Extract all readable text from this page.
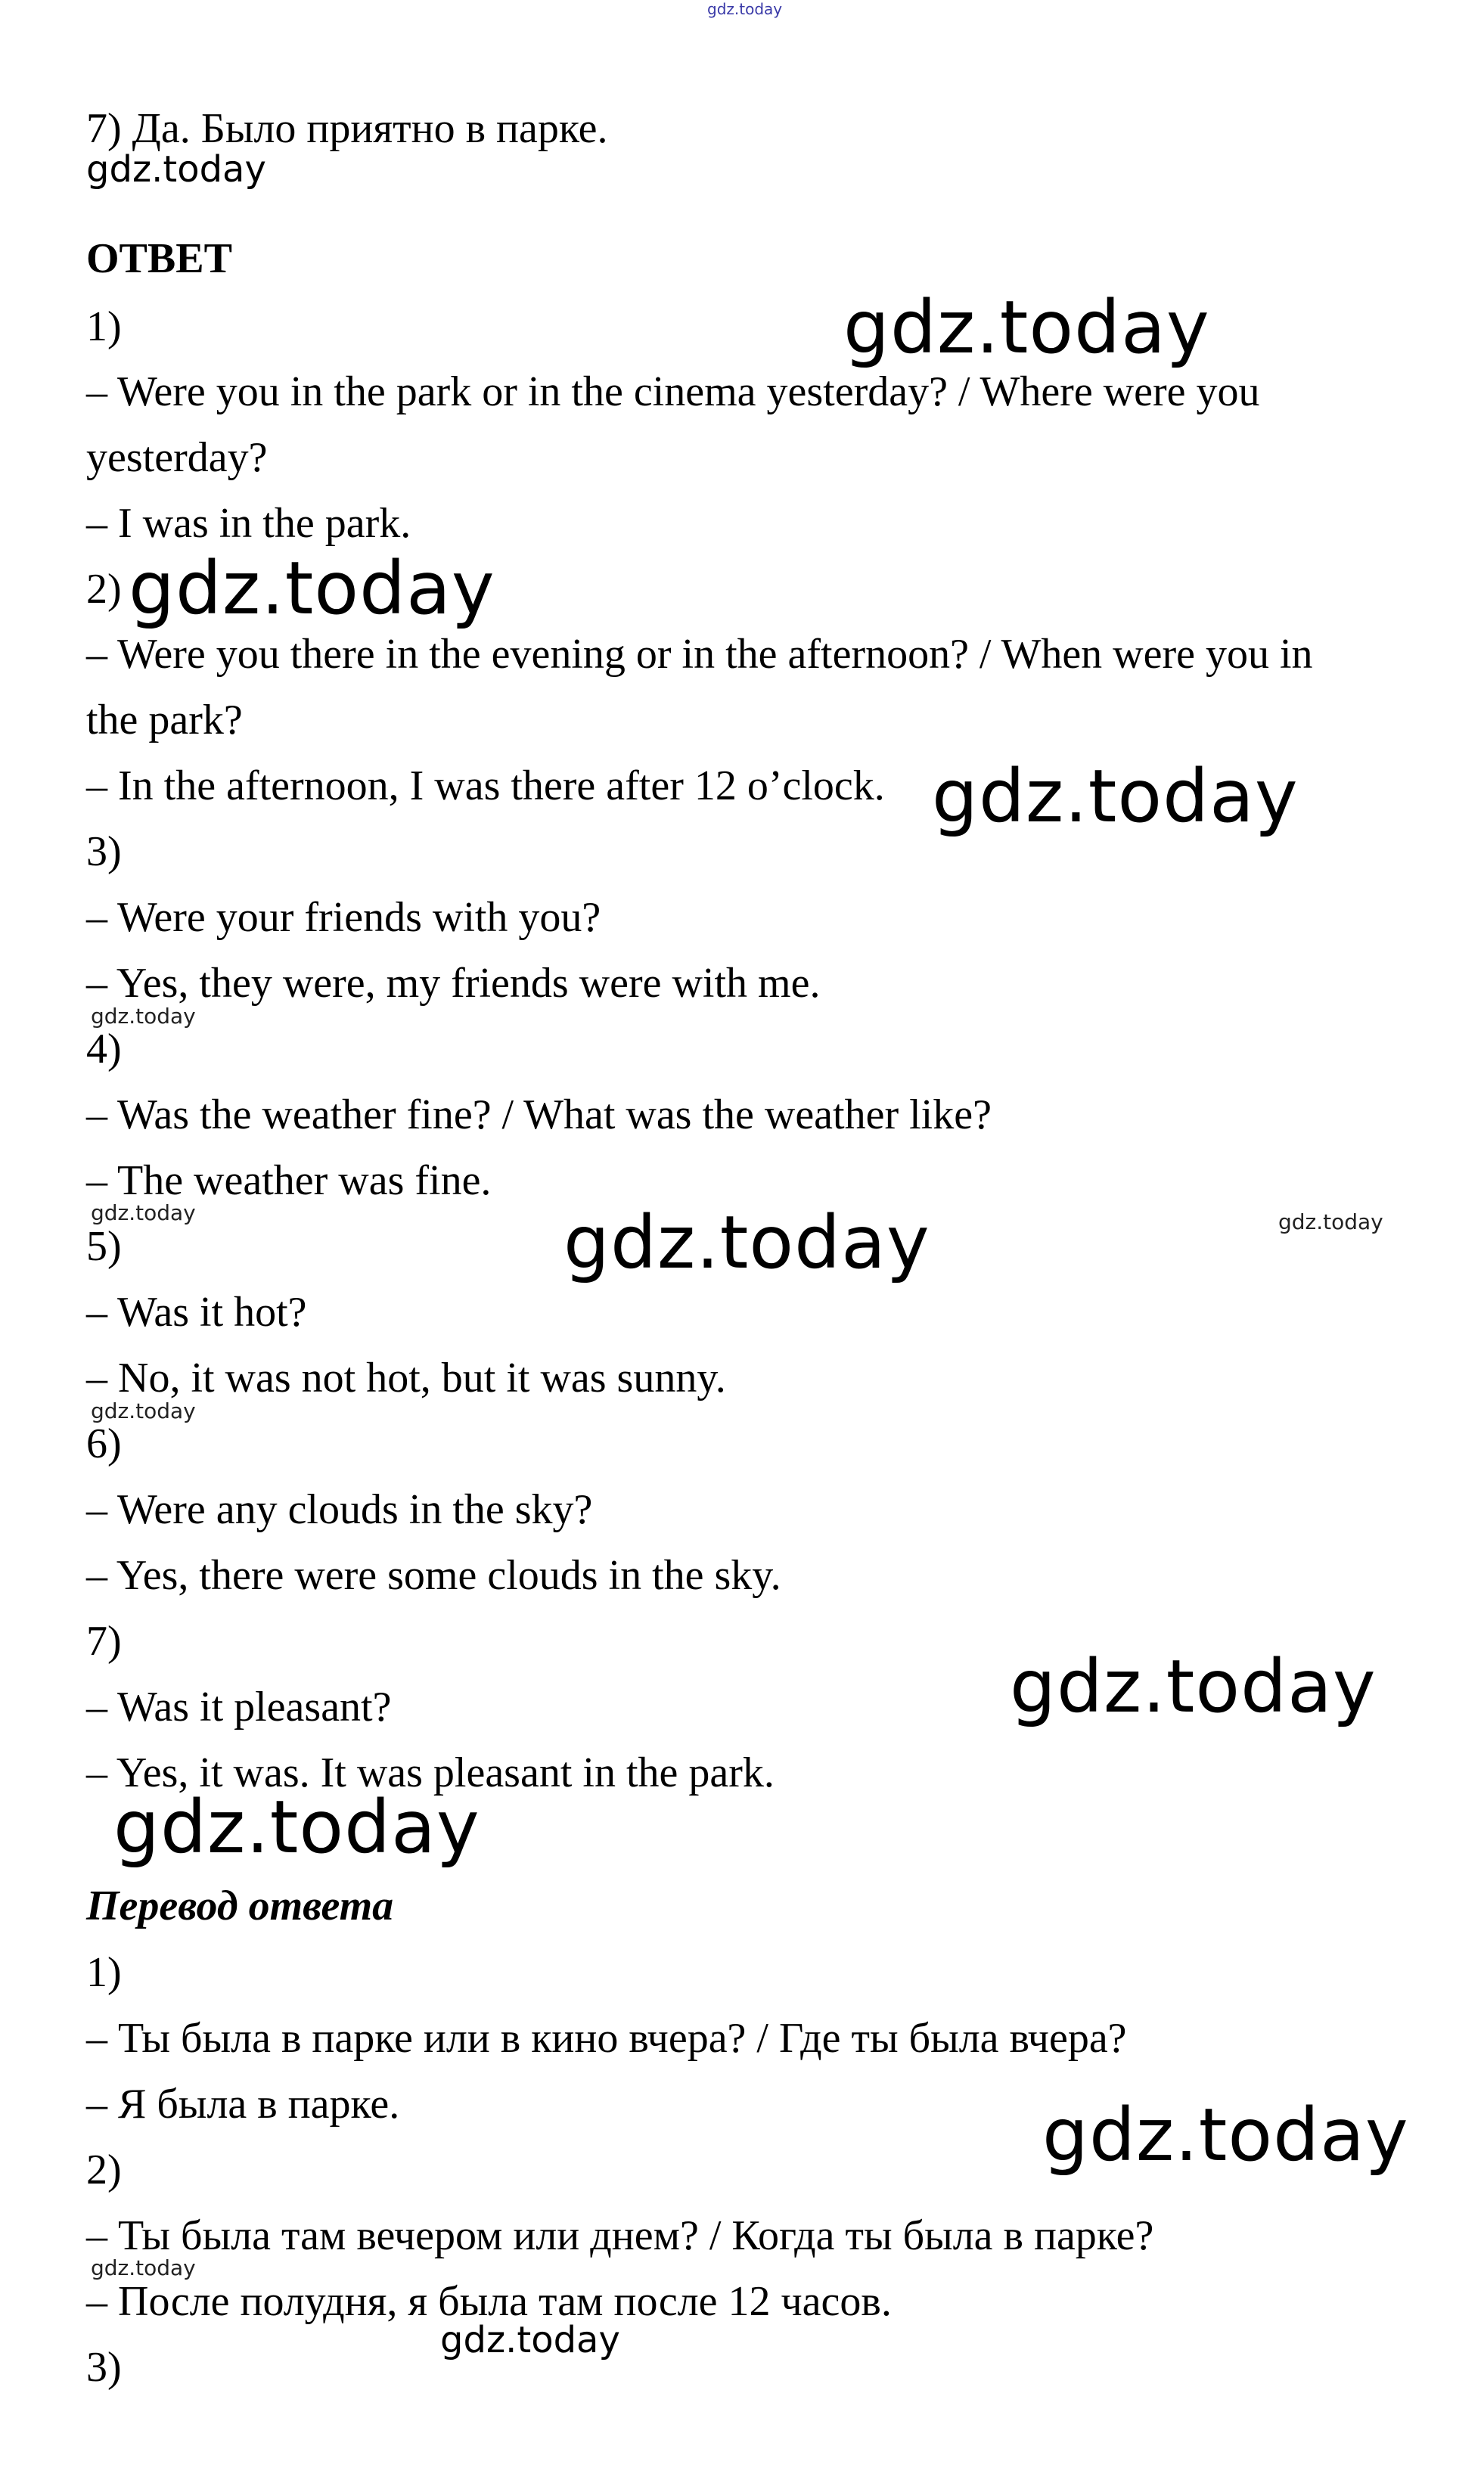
gdz.today
7) Да. Было приятно в парке.
gdz.today
ОТВЕТ
1)	gdz.today
– Were you in the park or in the cinema yesterday? / Where were you
yesterday?
– I was in the park.
2) gdz.today
– Were you there in the evening or in the afternoon? / When were you in
the park?
– In the afternoon, I was there after 12 o’clock. gdz.today
3)
– Were your friends with you?
– Yes, they were, my friends were with me.
gdz.today
4)
– Was the weather fine? / What was the weather like?
– The weather was fine.
gdz.today	gdz.today
5)	gdz.today
– Was it hot?
– No, it was not hot, but it was sunny.
gdz.today
6)
– Were any clouds in the sky?
– Yes, there were some clouds in the sky.
7)
– Was it pleasant?	gdz.today
– Yes, it was. It was pleasant in the park.
gdz.today
Перевод ответа
1)
– Ты была в парке или в кино вчера? / Где ты была вчера?
– Я была в парке.	gdz.today
2)
– Ты была там вечером или днем? / Когда ты была в парке?
gdz.today
– После полудня, я была там после 12 часов.
gdz.today
3)
